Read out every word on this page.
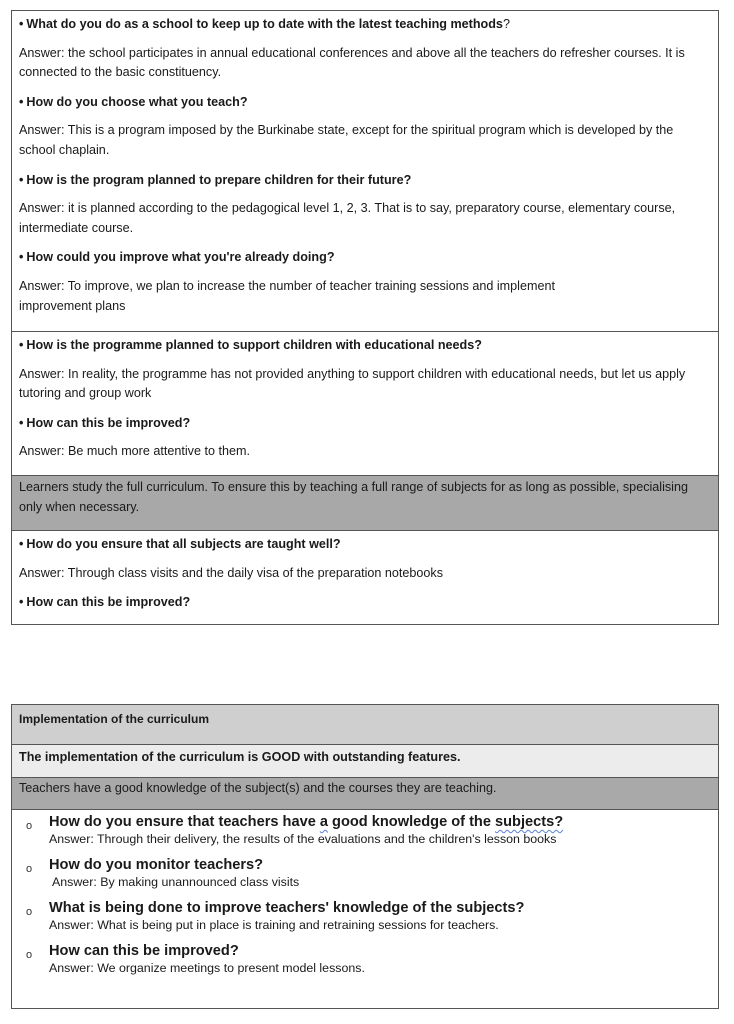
• What do you do as a school to keep up to date with the latest teaching methods?

Answer: the school participates in annual educational conferences and above all the teachers do refresher courses. It is connected to the basic constituency.

• How do you choose what you teach?

Answer: This is a program imposed by the Burkinabe state, except for the spiritual program which is developed by the school chaplain.

• How is the program planned to prepare children for their future?

Answer: it is planned according to the pedagogical level 1, 2, 3. That is to say, preparatory course, elementary course, intermediate course.

• How could you improve what you're already doing?

Answer: To improve, we plan to increase the number of teacher training sessions and implement improvement plans

• How is the programme planned to support children with educational needs?

Answer: In reality, the programme has not provided anything to support children with educational needs, but let us apply tutoring and group work

• How can this be improved?

Answer: Be much more attentive to them.

Learners study the full curriculum. To ensure this by teaching a full range of subjects for as long as possible, specialising only when necessary.

• How do you ensure that all subjects are taught well?

Answer: Through class visits and the daily visa of the preparation notebooks

• How can this be improved?

Implementation of the curriculum
The implementation of the curriculum is GOOD with outstanding features.
Teachers have a good knowledge of the subject(s) and the courses they are teaching.

o How do you ensure that teachers have a good knowledge of the subjects?

Answer: Through their delivery, the results of the evaluations and the children's lesson books

o How do you monitor teachers?

Answer: By making unannounced class visits

o What is being done to improve teachers' knowledge of the subjects?

Answer: What is being put in place is training and retraining sessions for teachers.

o How can this be improved?

Answer: We organize meetings to present model lessons.
